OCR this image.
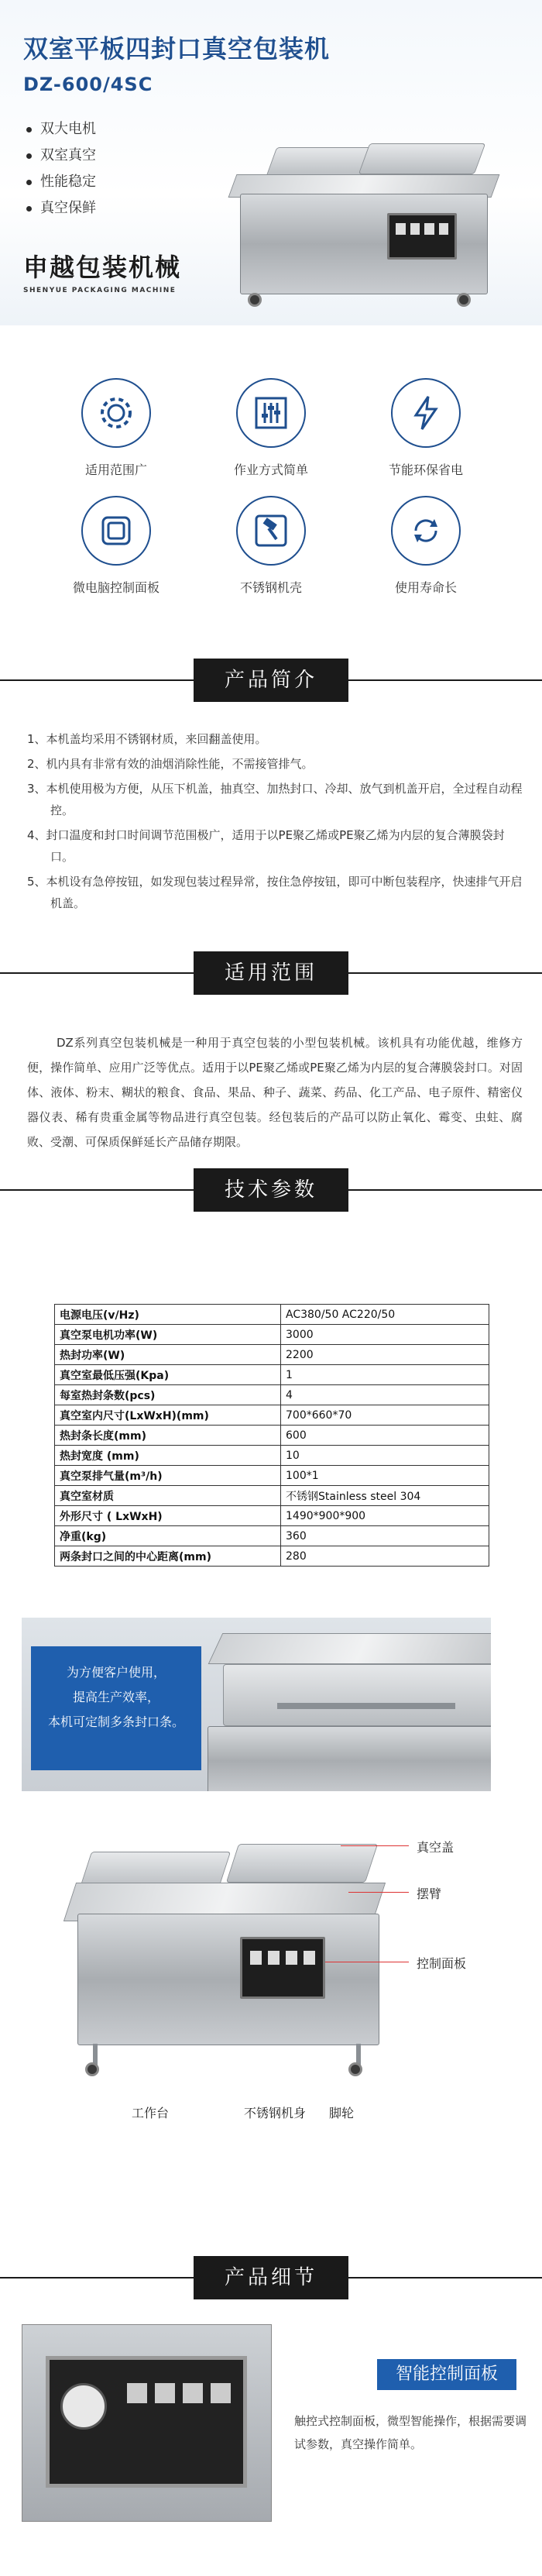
双室平板四封口真空包装机
DZ-600/4SC
双大电机
双室真空
性能稳定
真空保鲜
申越包装机械
SHENYUE PACKAGING MACHINE
适用范围广	作业方式简单	节能环保省电
微电脑控制面板	不锈钢机壳	使用寿命长
产品简介
1、本机盖均采用不锈钢材质，来回翻盖使用。
2、机内具有非常有效的油烟消除性能，不需接管排气。
3、本机使用极为方便，从压下机盖，抽真空、加热封口、冷却、放气到机盖开启，全过程自动程控。
4、封口温度和封口时间调节范围极广，适用于以PE聚乙烯或PE聚乙烯为内层的复合薄膜袋封口。
5、本机设有急停按钮，如发现包装过程异常，按住急停按钮，即可中断包装程序，快速排气开启机盖。
适用范围

DZ系列真空包装机械是一种用于真空包装的小型包装机械。该机具有功能优越，维修方便，操作简单、应用广泛等优点。适用于以PE聚乙烯或PE聚乙烯为内层的复合薄膜袋封口。对固体、液体、粉末、糊状的粮食、食品、果品、种子、蔬菜、药品、化工产品、电子原件、精密仪器仪表、稀有贵重金属等物品进行真空包装。经包装后的产品可以防止氧化、霉变、虫蛀、腐败、受潮、可保质保鲜延长产品储存期限。

技术参数
电源电压(v/Hz)	AC380/50 AC220/50
真空泵电机功率(W)	3000
热封功率(W)	2200
真空室最低压强(Kpa)	1
每室热封条数(pcs)	4
真空室内尺寸(LxWxH)(mm)	700*660*70
热封条长度(mm)	600
热封宽度 (mm)	10
真空泵排气量(m³/h)	100*1
真空室材质	不锈钢Stainless steel 304
外形尺寸 ( LxWxH)	1490*900*900
净重(kg)	360
两条封口之间的中心距离(mm)	280
为方便客户使用，
提高生产效率，
本机可定制多条封口条。
真空盖
摆臂
控制面板
工作台	不锈钢机身 脚轮
产品细节
智能控制面板
触控式控制面板，微型智能操作，根据需要调试参数，真空操作简单。
